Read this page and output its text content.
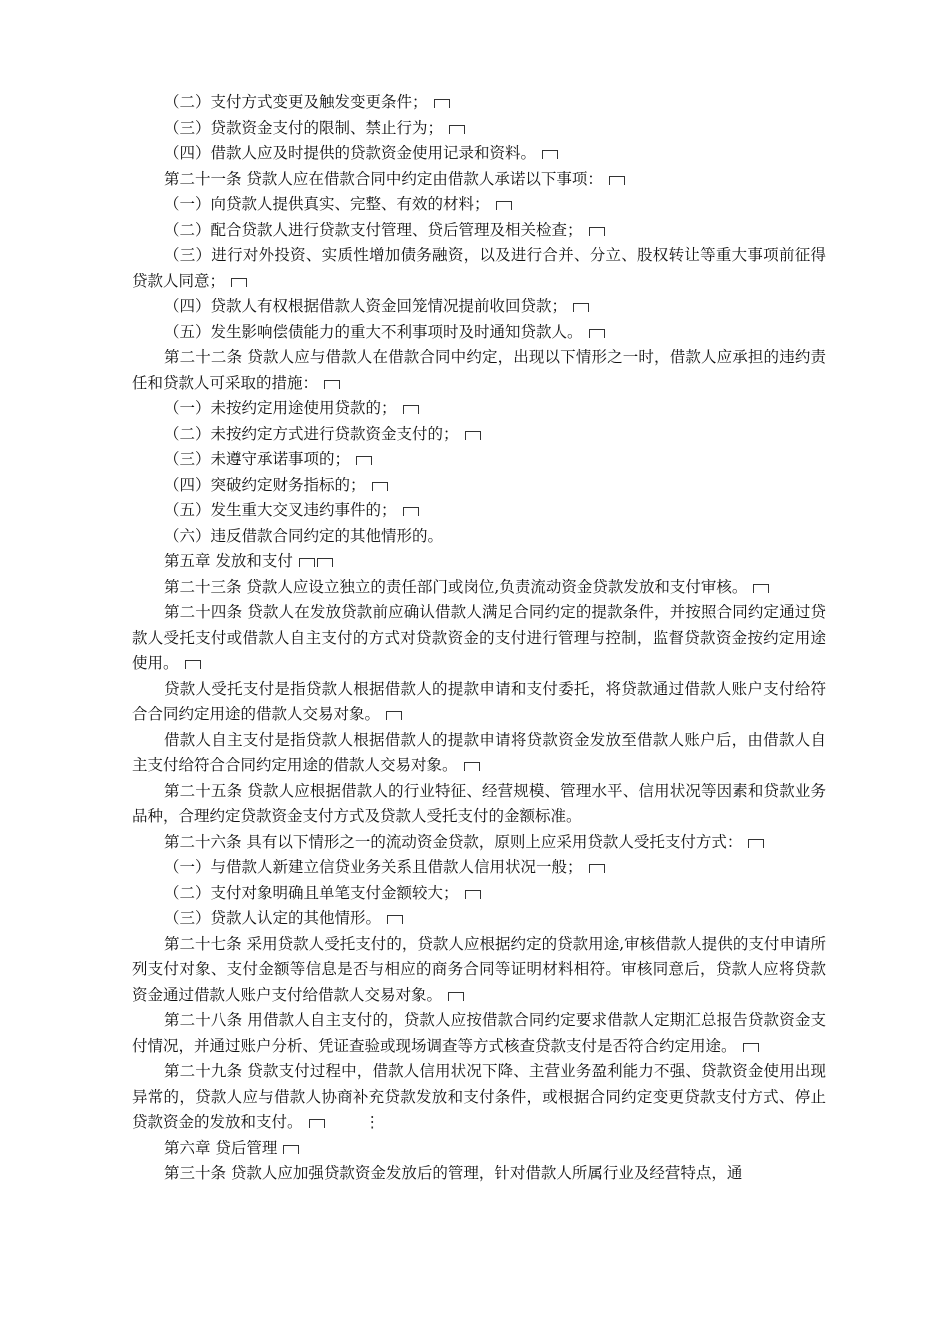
（二）支付方式变更及触发变更条件；

（三）贷款资金支付的限制、禁止行为；

（四）借款人应及时提供的贷款资金使用记录和资料。

第二十一条 贷款人应在借款合同中约定由借款人承诺以下事项：

（一）向贷款人提供真实、完整、有效的材料；

（二）配合贷款人进行贷款支付管理、贷后管理及相关检查；

（三）进行对外投资、实质性增加债务融资，以及进行合并、分立、股权转让等重大事项前征得贷款人同意；

（四）贷款人有权根据借款人资金回笼情况提前收回贷款；

（五）发生影响偿债能力的重大不利事项时及时通知贷款人。

第二十二条 贷款人应与借款人在借款合同中约定，出现以下情形之一时，借款人应承担的违约责任和贷款人可采取的措施：

（一）未按约定用途使用贷款的；

（二）未按约定方式进行贷款资金支付的；

（三）未遵守承诺事项的；

（四）突破约定财务指标的；

（五）发生重大交叉违约事件的；

（六）违反借款合同约定的其他情形的。

第五章 发放和支付

第二十三条 贷款人应设立独立的责任部门或岗位,负责流动资金贷款发放和支付审核。

第二十四条 贷款人在发放贷款前应确认借款人满足合同约定的提款条件，并按照合同约定通过贷款人受托支付或借款人自主支付的方式对贷款资金的支付进行管理与控制，监督贷款资金按约定用途使用。

贷款人受托支付是指贷款人根据借款人的提款申请和支付委托，将贷款通过借款人账户支付给符合合同约定用途的借款人交易对象。

借款人自主支付是指贷款人根据借款人的提款申请将贷款资金发放至借款人账户后，由借款人自主支付给符合合同约定用途的借款人交易对象。

第二十五条 贷款人应根据借款人的行业特征、经营规模、管理水平、信用状况等因素和贷款业务品种，合理约定贷款资金支付方式及贷款人受托支付的金额标准。

第二十六条 具有以下情形之一的流动资金贷款，原则上应采用贷款人受托支付方式：

（一）与借款人新建立信贷业务关系且借款人信用状况一般；

（二）支付对象明确且单笔支付金额较大；

（三）贷款人认定的其他情形。

第二十七条 采用贷款人受托支付的，贷款人应根据约定的贷款用途,审核借款人提供的支付申请所列支付对象、支付金额等信息是否与相应的商务合同等证明材料相符。审核同意后，贷款人应将贷款资金通过借款人账户支付给借款人交易对象。

第二十八条 用借款人自主支付的，贷款人应按借款合同约定要求借款人定期汇总报告贷款资金支付情况，并通过账户分析、凭证查验或现场调查等方式核查贷款支付是否符合约定用途。

第二十九条 贷款支付过程中，借款人信用状况下降、主营业务盈利能力不强、贷款资金使用出现异常的，贷款人应与借款人协商补充贷款发放和支付条件，或根据合同约定变更贷款支付方式、停止贷款资金的发放和支付。	⋮

第六章 贷后管理

第三十条 贷款人应加强贷款资金发放后的管理，针对借款人所属行业及经营特点，通
